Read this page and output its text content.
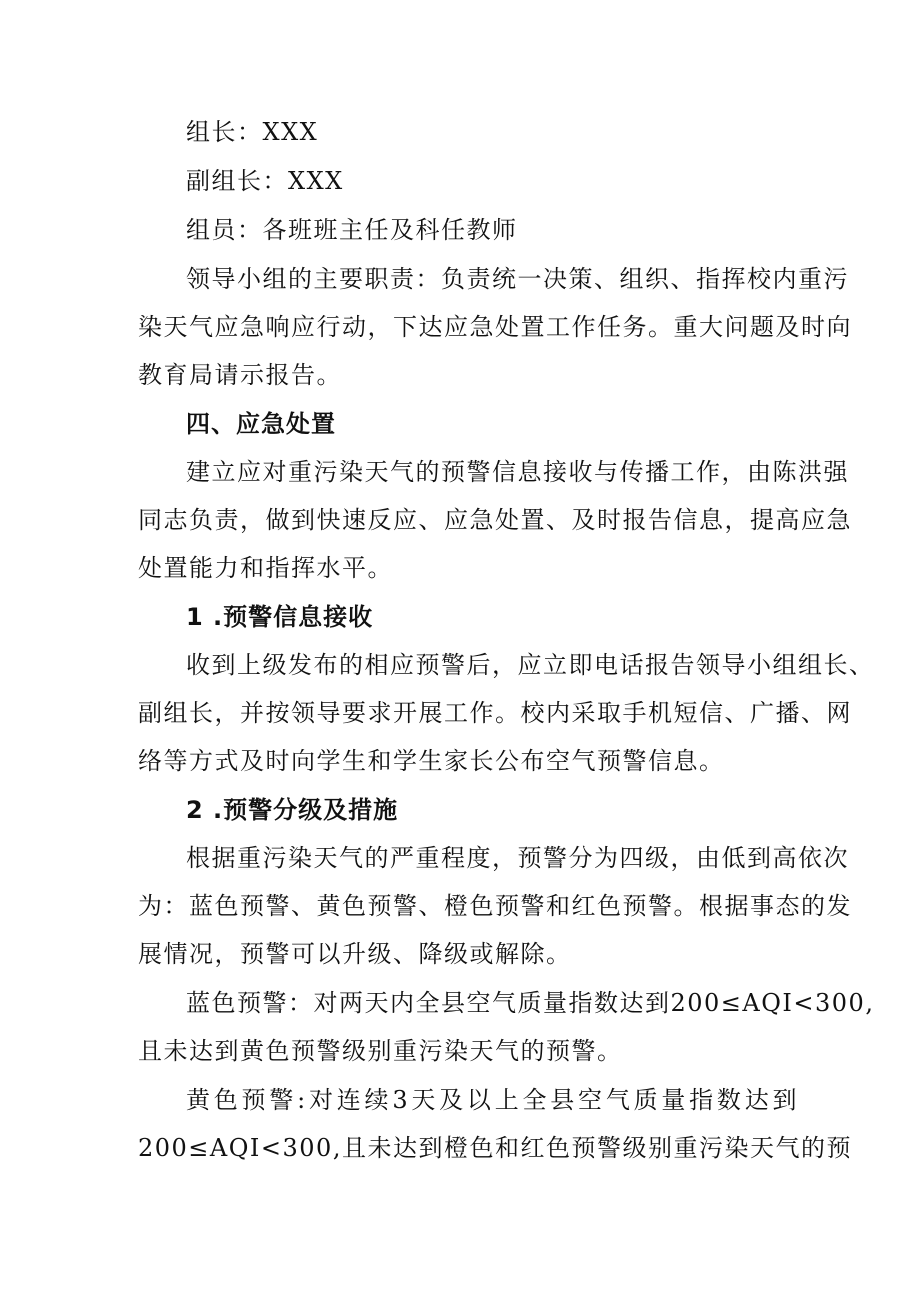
组长：XXX
副组长：XXX
组员：各班班主任及科任教师
领导小组的主要职责：负责统一决策、组织、指挥校内重污
染天气应急响应行动，下达应急处置工作任务。重大问题及时向
教育局请示报告。
四、应急处置
建立应对重污染天气的预警信息接收与传播工作，由陈洪强
同志负责，做到快速反应、应急处置、及时报告信息，提高应急
处置能力和指挥水平。
1 .预警信息接收
收到上级发布的相应预警后，应立即电话报告领导小组组长、
副组长，并按领导要求开展工作。校内采取手机短信、广播、网
络等方式及时向学生和学生家长公布空气预警信息。
2 .预警分级及措施
根据重污染天气的严重程度，预警分为四级，由低到高依次
为：蓝色预警、黄色预警、橙色预警和红色预警。根据事态的发
展情况，预警可以升级、降级或解除。
蓝色预警：对两天内全县空气质量指数达到200≤AQI<300,
且未达到黄色预警级别重污染天气的预警。
黄色预警:对连续3天及以上全县空气质量指数达到
200≤AQI<300,且未达到橙色和红色预警级别重污染天气的预
